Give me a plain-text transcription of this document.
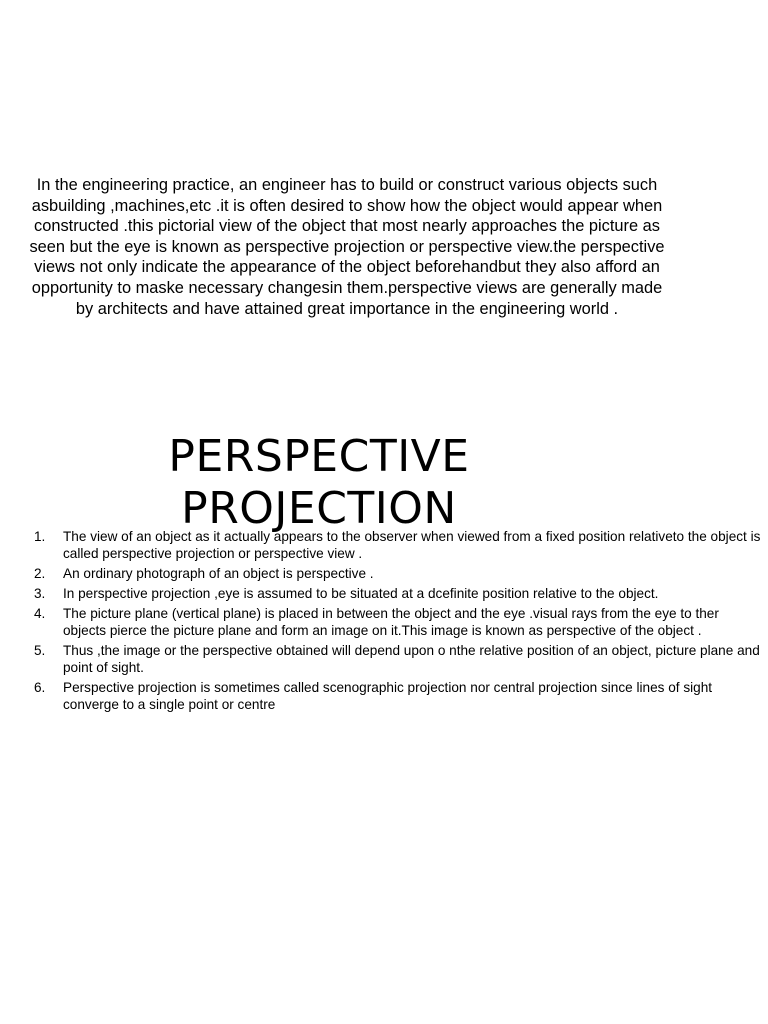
In the engineering practice, an engineer has to build or construct various objects such asbuilding ,machines,etc .it is often desired to show how the object would appear when constructed .this pictorial view of the object that most nearly approaches the picture as seen but the eye is known as perspective projection or perspective view.the perspective views not only indicate the appearance of the object beforehandbut they also afford an opportunity to maske necessary changesin them.perspective views are generally made by architects and have attained great importance in the engineering world .

PERSPECTIVE
PROJECTION
1. The view of an object as it actually appears to the observer when viewed from a fixed position relativeto the object is called perspective projection or perspective view .
2. An ordinary photograph of an object is perspective .
3. In perspective projection ,eye is assumed to be situated at a dcefinite position relative to the object.
4. The picture plane (vertical plane) is placed in between the object and the eye .visual rays from the eye to ther objects pierce the picture plane and form an image on it.This image is known as perspective of the object .
5. Thus ,the image or the perspective obtained will depend upon o nthe relative position of an object, picture plane and point of sight.
6. Perspective projection is sometimes called scenographic projection nor central projection since lines of sight converge to a single point or centre
